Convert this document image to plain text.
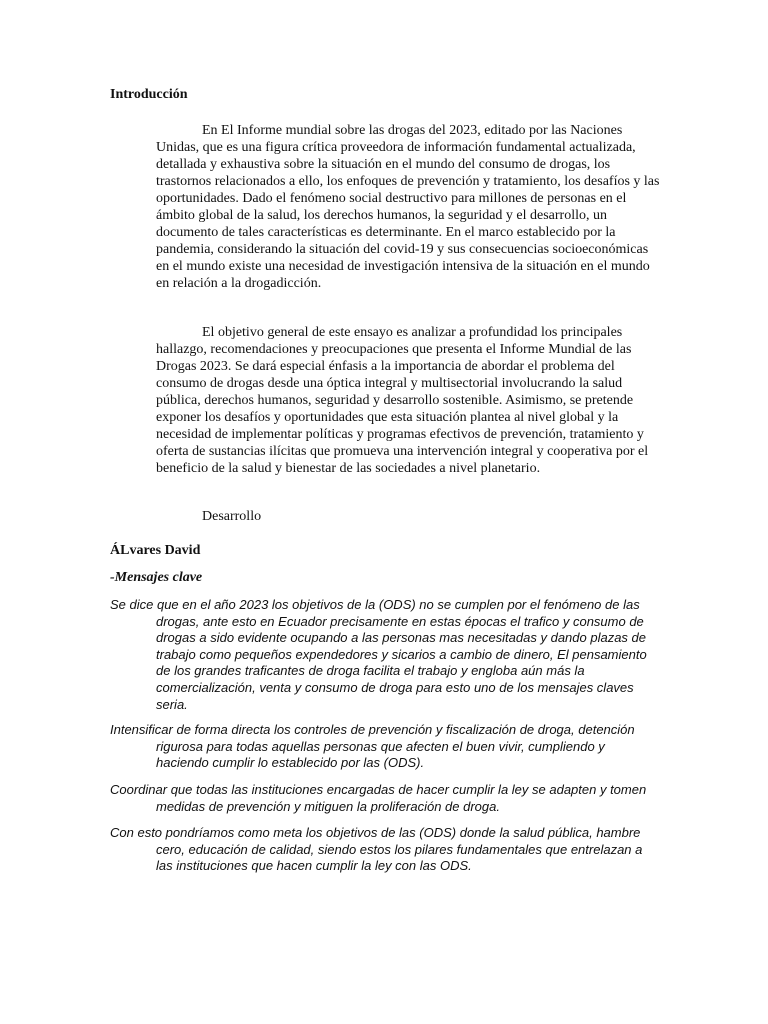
Introducción

En El Informe mundial sobre las drogas del 2023, editado por las Naciones Unidas, que es una figura crítica proveedora de información fundamental actualizada, detallada y exhaustiva sobre la situación en el mundo del consumo de drogas, los trastornos relacionados a ello, los enfoques de prevención y tratamiento, los desafíos y las oportunidades. Dado el fenómeno social destructivo para millones de personas en el ámbito global de la salud, los derechos humanos, la seguridad y el desarrollo, un documento de tales características es determinante. En el marco establecido por la pandemia, considerando la situación del covid-19 y sus consecuencias socioeconómicas en el mundo existe una necesidad de investigación intensiva de la situación en el mundo en relación a la drogadicción.

El objetivo general de este ensayo es analizar a profundidad los principales hallazgo, recomendaciones y preocupaciones que presenta el Informe Mundial de las Drogas 2023. Se dará especial énfasis a la importancia de abordar el problema del consumo de drogas desde una óptica integral y multisectorial involucrando la salud pública, derechos humanos, seguridad y desarrollo sostenible. Asimismo, se pretende exponer los desafíos y oportunidades que esta situación plantea al nivel global y la necesidad de implementar políticas y programas efectivos de prevención, tratamiento y oferta de sustancias ilícitas que promueva una intervención integral y cooperativa por el beneficio de la salud y bienestar de las sociedades a nivel planetario.

Desarrollo

ÁLvares David
-Mensajes clave

Se dice que en el año 2023 los objetivos de la (ODS) no se cumplen por el fenómeno de las drogas, ante esto en Ecuador precisamente en estas épocas el trafico y consumo de drogas a sido evidente ocupando a las personas mas necesitadas y dando plazas de trabajo como pequeños expendedores y sicarios a cambio de dinero, El pensamiento de los grandes traficantes de droga facilita el trabajo y engloba aún más la comercialización, venta y consumo de droga para esto uno de los mensajes claves seria.

Intensificar de forma directa los controles de prevención y fiscalización de droga, detención rigurosa para todas aquellas personas que afecten el buen vivir, cumpliendo y haciendo cumplir lo establecido por las (ODS).

Coordinar que todas las instituciones encargadas de hacer cumplir la ley se adapten y tomen medidas de prevención y mitiguen la proliferación de droga.

Con esto pondríamos como meta los objetivos de las (ODS) donde la salud pública, hambre cero, educación de calidad, siendo estos los pilares fundamentales que entrelazan a las instituciones que hacen cumplir la ley con las ODS.
